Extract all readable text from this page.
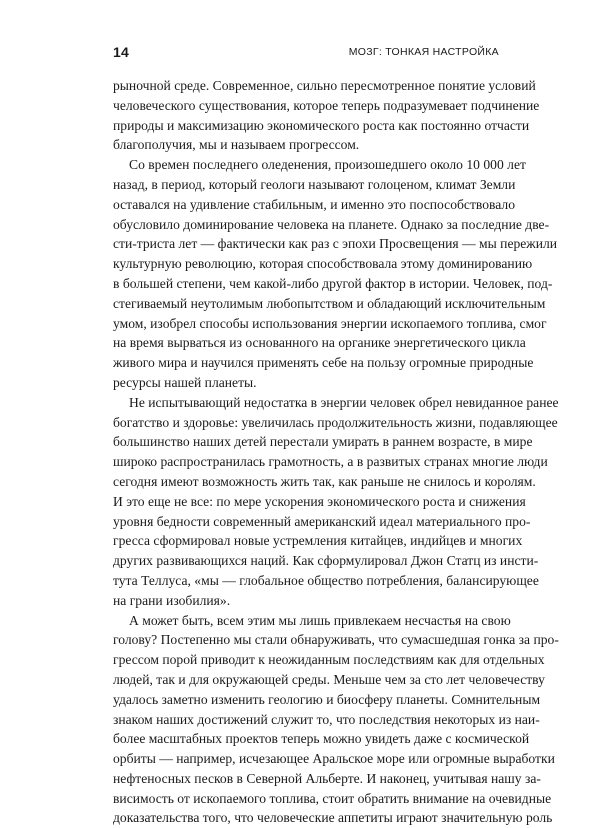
14	МОЗГ: ТОНКАЯ НАСТРОЙКА
рыночной среде. Современное, сильно пересмотренное понятие условий
человеческого существования, которое теперь подразумевает подчинение
природы и максимизацию экономического роста как постоянно отчасти
благополучия, мы и называем прогрессом.
Со времен последнего оледенения, произошедшего около 10 000 лет
назад, в период, который геологи называют голоценом, климат Земли
оставался на удивление стабильным, и именно это поспособствовало
обусловило доминирование человека на планете. Однако за последние две-
сти-триста лет — фактически как раз с эпохи Просвещения — мы пережили
культурную революцию, которая способствовала этому доминированию
в большей степени, чем какой-либо другой фактор в истории. Человек, под-
стегиваемый неутолимым любопытством и обладающий исключительным
умом, изобрел способы использования энергии ископаемого топлива, смог
на время вырваться из основанного на органике энергетического цикла
живого мира и научился применять себе на пользу огромные природные
ресурсы нашей планеты.
Не испытывающий недостатка в энергии человек обрел невиданное ранее
богатство и здоровье: увеличилась продолжительность жизни, подавляющее
большинство наших детей перестали умирать в раннем возрасте, в мире
широко распространилась грамотность, а в развитых странах многие люди
сегодня имеют возможность жить так, как раньше не снилось и королям.
И это еще не все: по мере ускорения экономического роста и снижения
уровня бедности современный американский идеал материального про-
гресса сформировал новые устремления китайцев, индийцев и многих
других развивающихся наций. Как сформулировал Джон Статц из инсти-
тута Теллуса, «мы — глобальное общество потребления, балансирующее
на грани изобилия».
А может быть, всем этим мы лишь привлекаем несчастья на свою
голову? Постепенно мы стали обнаруживать, что сумасшедшая гонка за про-
грессом порой приводит к неожиданным последствиям как для отдельных
людей, так и для окружающей среды. Меньше чем за сто лет человечеству
удалось заметно изменить геологию и биосферу планеты. Сомнительным
знаком наших достижений служит то, что последствия некоторых из наи-
более масштабных проектов теперь можно увидеть даже с космической
орбиты — например, исчезающее Аральское море или огромные выработки
нефтеносных песков в Северной Альберте. И наконец, учитывая нашу за-
висимость от ископаемого топлива, стоит обратить внимание на очевидные
доказательства того, что человеческие аппетиты играют значительную роль
